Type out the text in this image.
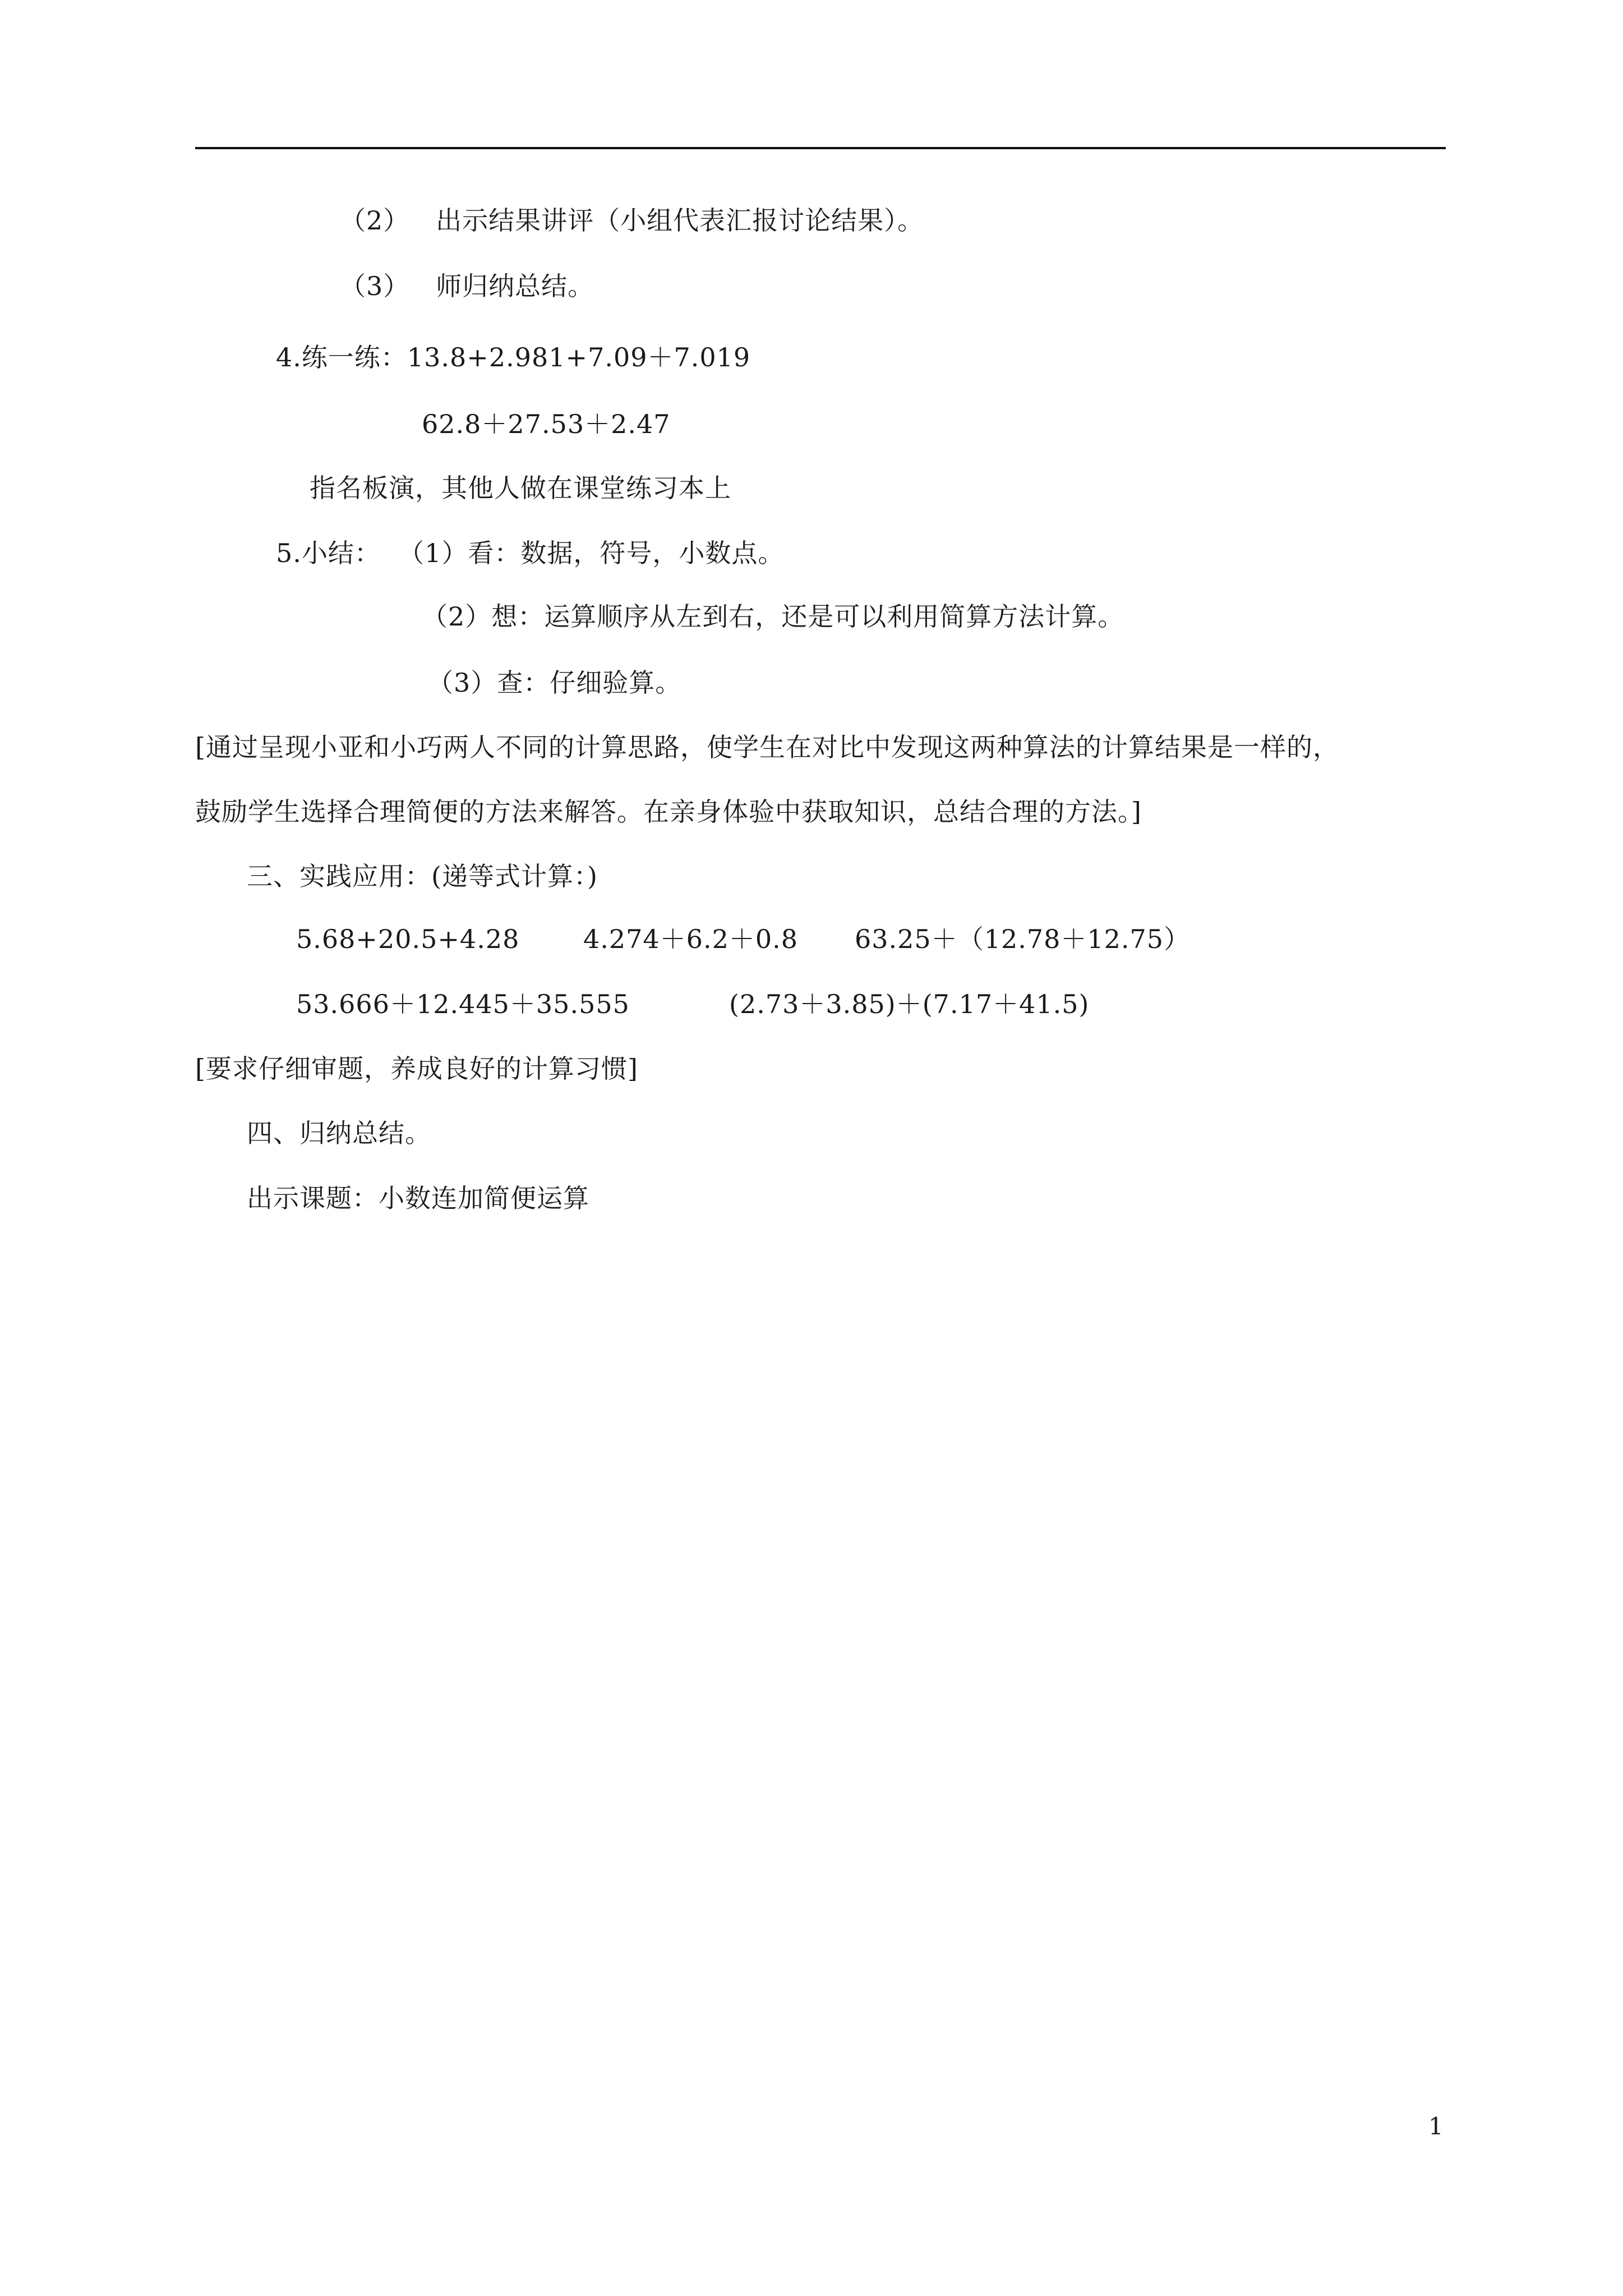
（2）   出示结果讲评（小组代表汇报讨论结果）。
（3）   师归纳总结。
4.练一练：13.8+2.981+7.09＋7.019
62.8＋27.53＋2.47
指名板演，其他人做在课堂练习本上
5.小结：  （1）看：数据，符号，小数点。
（2）想：运算顺序从左到右，还是可以利用简算方法计算。
（3）查：仔细验算。
[通过呈现小亚和小巧两人不同的计算思路，使学生在对比中发现这两种算法的计算结果是一样的，
鼓励学生选择合理简便的方法来解答。在亲身体验中获取知识，总结合理的方法。]
三、实践应用：(递等式计算：)
5.68+20.5+4.28 4.274＋6.2＋0.8 63.25＋（12.78＋12.75）
53.666＋12.445＋35.555	(2.73＋3.85)＋(7.17＋41.5)
[要求仔细审题，养成良好的计算习惯]
四、归纳总结。
出示课题：小数连加简便运算
1
